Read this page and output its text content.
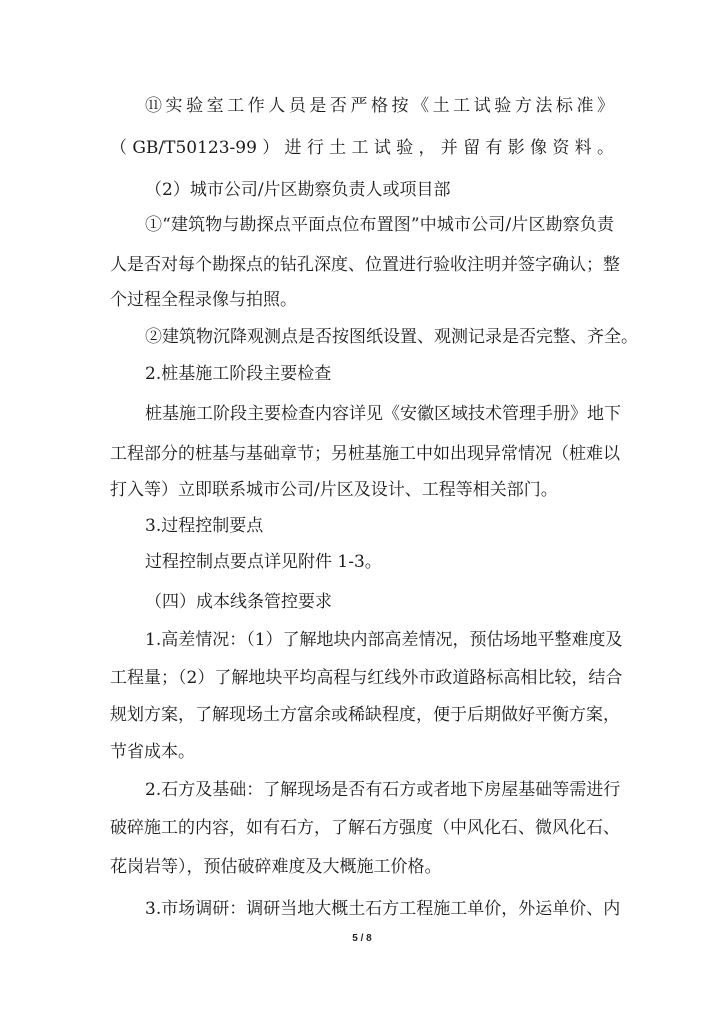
⑪实验室工作人员是否严格按《土工试验方法标准》
（GB/T50123-99）进行土工试验，并留有影像资料。
（2）城市公司/片区勘察负责人或项目部
①“建筑物与勘探点平面点位布置图”中城市公司/片区勘察负责
人是否对每个勘探点的钻孔深度、位置进行验收注明并签字确认；整
个过程全程录像与拍照。
②建筑物沉降观测点是否按图纸设置、观测记录是否完整、齐全。
2.桩基施工阶段主要检查
桩基施工阶段主要检查内容详见《安徽区域技术管理手册》地下
工程部分的桩基与基础章节；另桩基施工中如出现异常情况（桩难以
打入等）立即联系城市公司/片区及设计、工程等相关部门。
3.过程控制要点
过程控制点要点详见附件 1-3。
（四）成本线条管控要求
1.高差情况：（1）了解地块内部高差情况，预估场地平整难度及
工程量；（2）了解地块平均高程与红线外市政道路标高相比较，结合
规划方案，了解现场土方富余或稀缺程度，便于后期做好平衡方案，
节省成本。
2.石方及基础：了解现场是否有石方或者地下房屋基础等需进行
破碎施工的内容，如有石方，了解石方强度（中风化石、微风化石、
花岗岩等），预估破碎难度及大概施工价格。
3.市场调研：调研当地大概土石方工程施工单价，外运单价、内
5 / 8
